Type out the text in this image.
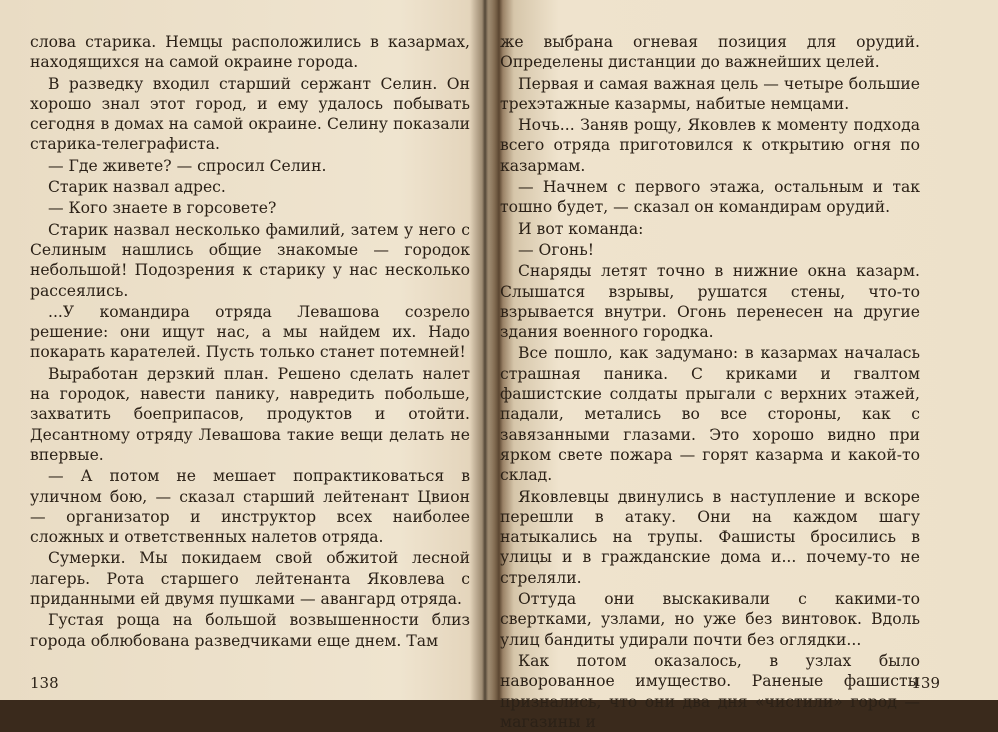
слова старика. Немцы расположились в казармах, находящихся на самой окраине города.

В разведку входил старший сержант Селин. Он хорошо знал этот город, и ему удалось побывать сегодня в домах на самой окраине. Селину показали старика-телеграфиста.

— Где живете? — спросил Селин.

Старик назвал адрес.

— Кого знаете в горсовете?

Старик назвал несколько фамилий, затем у него с Селиным нашлись общие знакомые — городок небольшой! Подозрения к старику у нас несколько рассеялись.

...У командира отряда Левашова созрело решение: они ищут нас, а мы найдем их. Надо покарать карателей. Пусть только станет потемней!

Выработан дерзкий план. Решено сделать налет на городок, навести панику, навредить побольше, захватить боеприпасов, продуктов и отойти. Десантному отряду Левашова такие вещи делать не впервые.

— А потом не мешает попрактиковаться в уличном бою, — сказал старший лейтенант Цвион — организатор и инструктор всех наиболее сложных и ответственных налетов отряда.

Сумерки. Мы покидаем свой обжитой лесной лагерь. Рота старшего лейтенанта Яковлева с приданными ей двумя пушками — авангард отряда.

Густая роща на большой возвышенности близ города облюбована разведчиками еще днем. Там

138

же выбрана огневая позиция для орудий. Определены дистанции до важнейших целей.

Первая и самая важная цель — четыре большие трехэтажные казармы, набитые немцами.

Ночь... Заняв рощу, Яковлев к моменту подхода всего отряда приготовился к открытию огня по казармам.

— Начнем с первого этажа, остальным и так тошно будет, — сказал он командирам орудий.

И вот команда:

— Огонь!

Снаряды летят точно в нижние окна казарм. Слышатся взрывы, рушатся стены, что-то взрывается внутри. Огонь перенесен на другие здания военного городка.

Все пошло, как задумано: в казармах началась страшная паника. С криками и гвалтом фашистские солдаты прыгали с верхних этажей, падали, метались во все стороны, как с завязанными глазами. Это хорошо видно при ярком свете пожара — горят казарма и какой-то склад.

Яковлевцы двинулись в наступление и вскоре перешли в атаку. Они на каждом шагу натыкались на трупы. Фашисты бросились в улицы и в гражданские дома и... почему-то не стреляли.

Оттуда они выскакивали с какими-то свертками, узлами, но уже без винтовок. Вдоль улиц бандиты удирали почти без оглядки...

Как потом оказалось, в узлах было наворованное имущество. Раненые фашисты признались, что они два дня «чистили» город — магазины и

139
